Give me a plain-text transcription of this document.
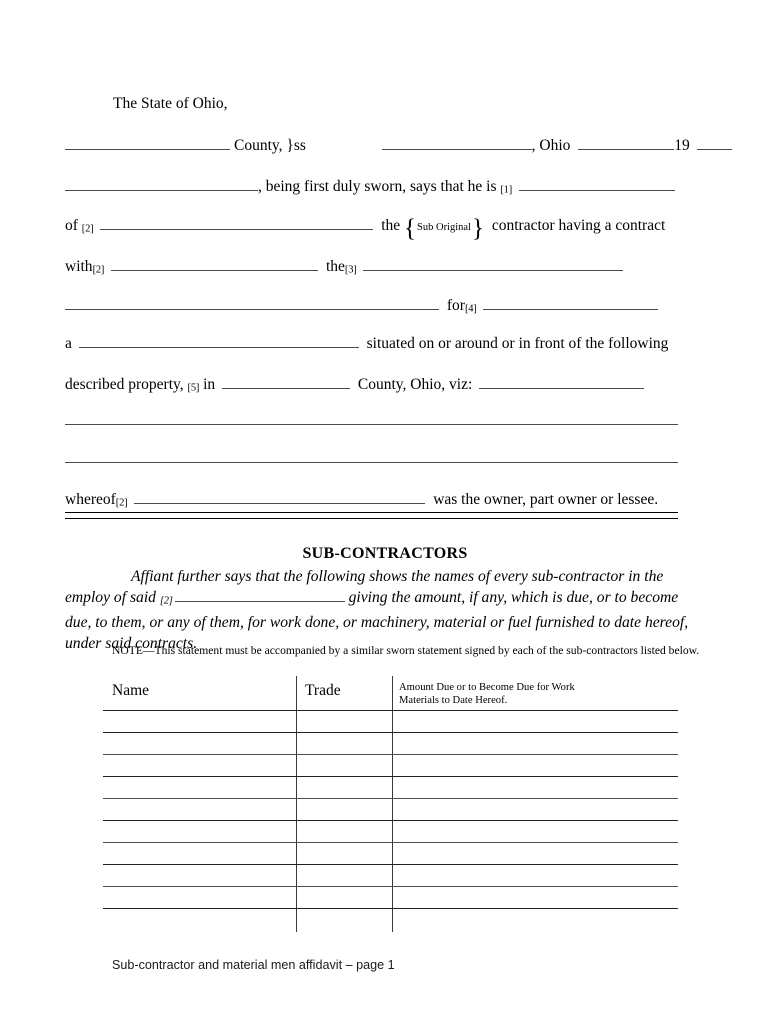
The State of Ohio,
County, }ss	, Ohio	19
, being first duly sworn, says that he is [1]
of [2]	the {Sub Original} contractor having a contract
with[2]	the[3]
for[4]
a	situated on or around or in front of the following
described property, [5] in	County, Ohio, viz:
whereof[2]	was the owner, part owner or lessee.
SUB-CONTRACTORS
Affiant further says that the following shows the names of every sub-contractor in the employ of said [2]	giving the amount, if any, which is due, or to become due, to them, or any of them, for work done, or machinery, material or fuel furnished to date hereof, under said contracts.
NOTE—This statement must be accompanied by a similar sworn statement signed by each of the sub-contractors listed below.
Name	Trade	Amount Due or to Become Due for Work Materials to Date Hereof.
Sub-contractor and material men affidavit – page 1
